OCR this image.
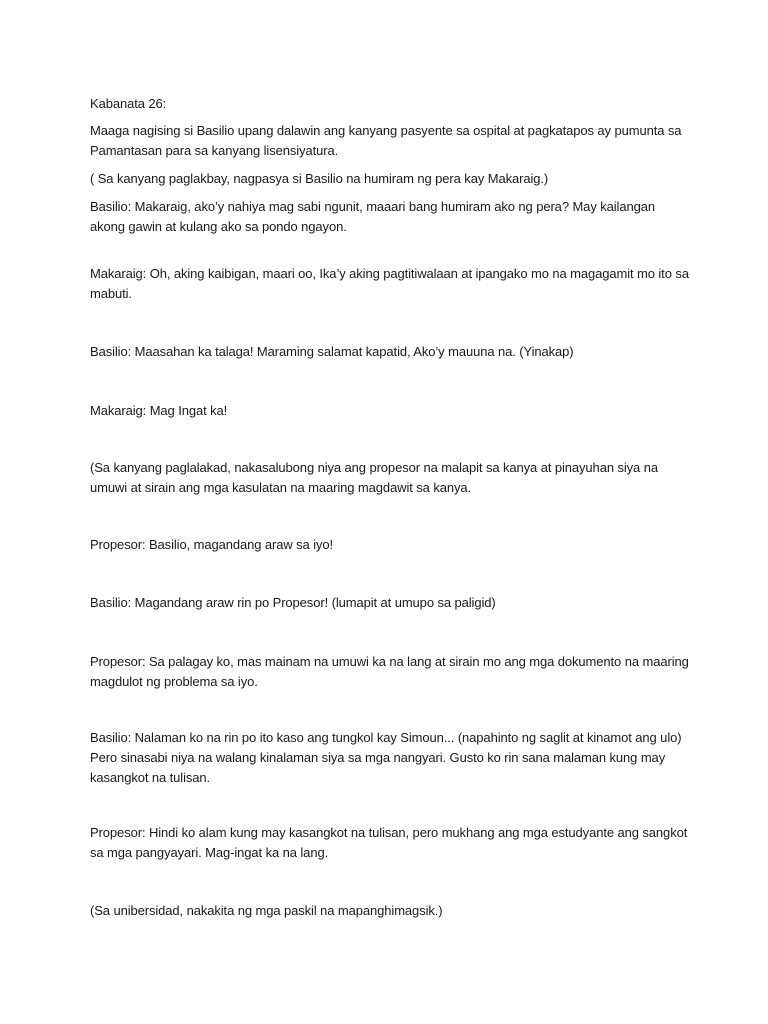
Kabanata 26:

Maaga nagising si Basilio upang dalawin ang kanyang pasyente sa ospital at pagkatapos ay pumunta sa Pamantasan para sa kanyang lisensiyatura.

( Sa kanyang paglakbay, nagpasya si Basilio na humiram ng pera kay Makaraig.)

Basilio: Makaraig, ako’y nahiya mag sabi ngunit, maaari bang humiram ako ng pera? May kailangan akong gawin at kulang ako sa pondo ngayon.

Makaraig: Oh, aking kaibigan, maari oo, Ika’y aking pagtitiwalaan at ipangako mo na magagamit mo ito sa mabuti.

Basilio: Maasahan ka talaga! Maraming salamat kapatid, Ako’y mauuna na. (Yinakap)

Makaraig: Mag Ingat ka!

(Sa kanyang paglalakad, nakasalubong niya ang propesor na malapit sa kanya at pinayuhan siya na umuwi at sirain ang mga kasulatan na maaring magdawit sa kanya.

Propesor: Basilio, magandang araw sa iyo!

Basilio: Magandang araw rin po Propesor! (lumapit at umupo sa paligid)

Propesor: Sa palagay ko, mas mainam na umuwi ka na lang at sirain mo ang mga dokumento na maaring magdulot ng problema sa iyo.

Basilio: Nalaman ko na rin po ito kaso ang tungkol kay Simoun... (napahinto ng saglit at kinamot ang ulo) Pero sinasabi niya na walang kinalaman siya sa mga nangyari. Gusto ko rin sana malaman kung may kasangkot na tulisan.

Propesor: Hindi ko alam kung may kasangkot na tulisan, pero mukhang ang mga estudyante ang sangkot sa mga pangyayari. Mag-ingat ka na lang.

(Sa unibersidad, nakakita ng mga paskil na mapanghimagsik.)
